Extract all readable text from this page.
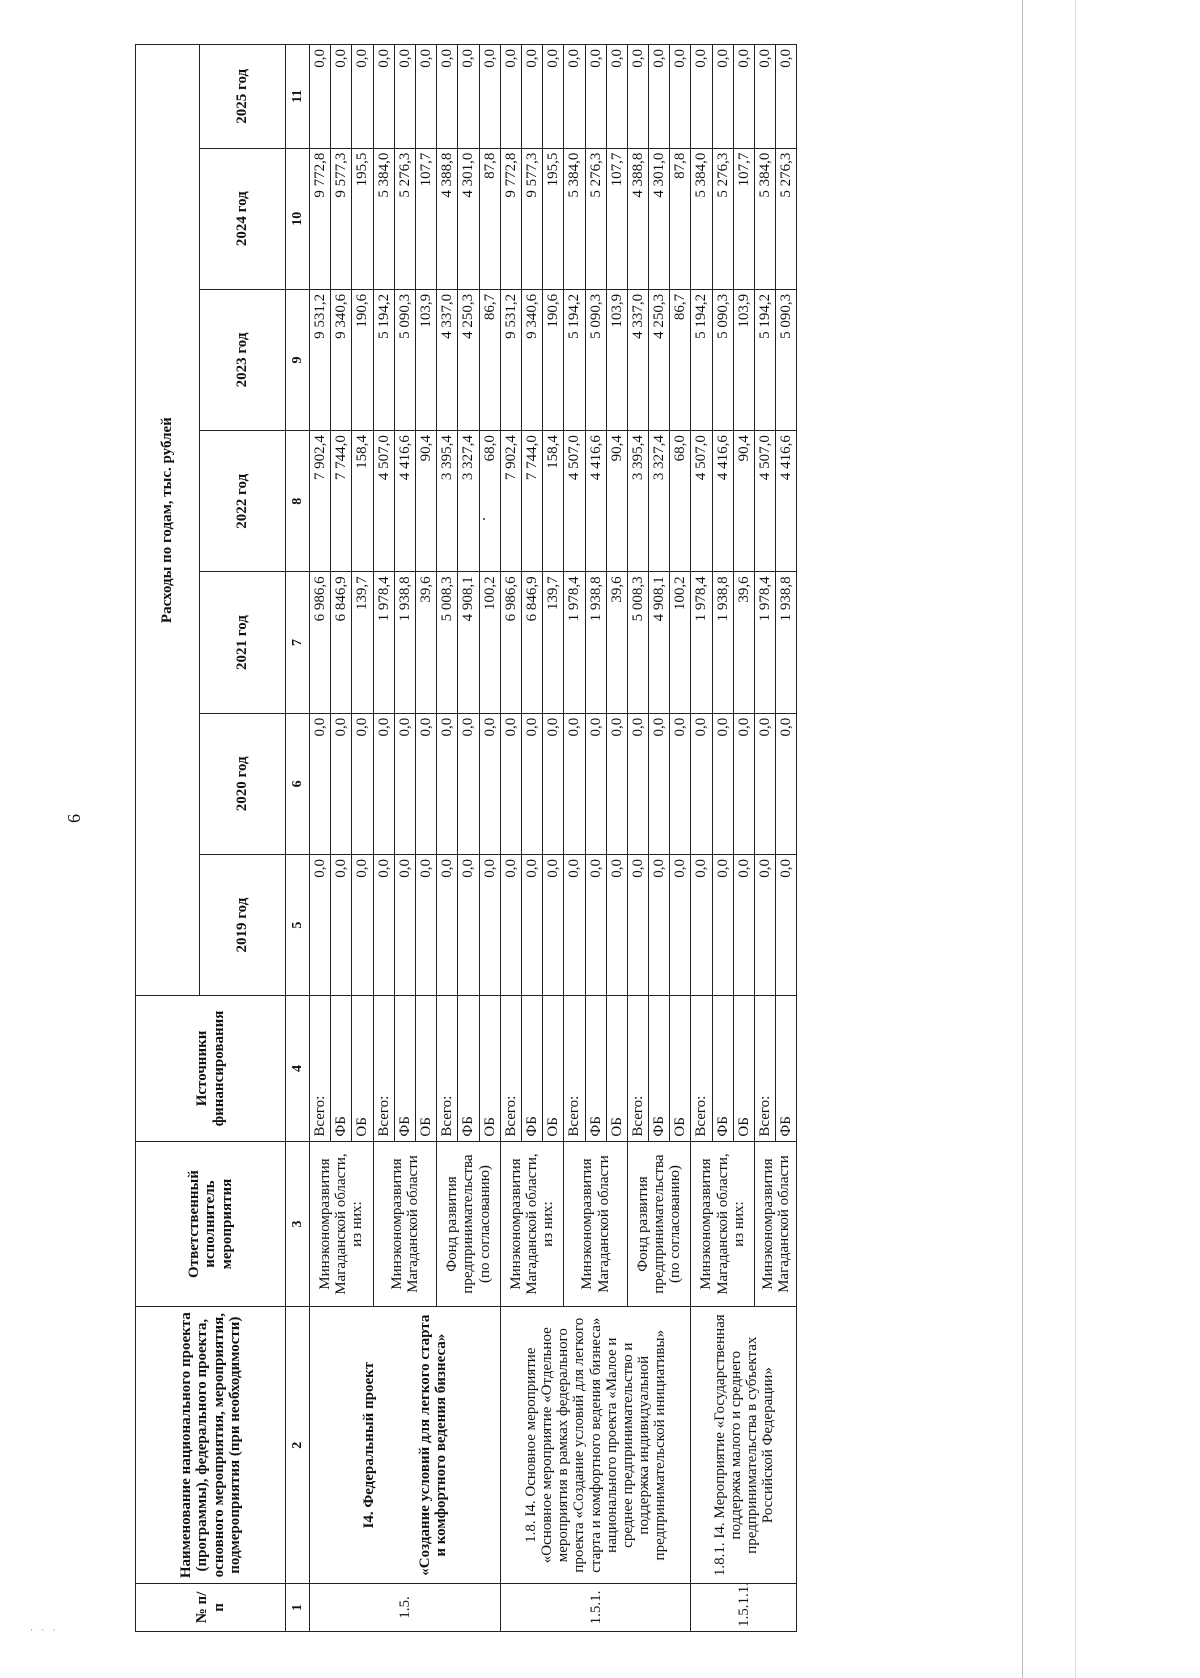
· · ·
6
№ п/п	Наименование национального проекта (программы), федерального проекта, основного мероприятия, мероприятия, подмероприятия (при необходимости)	Ответственный исполнитель мероприятия	Источники финансирования	Расходы по годам, тыс. рублей						
				2019 год	2020 год	2021 год	2022 год	2023 год	2024 год	2025 год
1	2	3	4	5	6	7	8	9	10	11
1.5.	I4. Федеральный проект «Создание условий для легкого старта и комфортного ведения бизнеса»	Минэкономразвития Магаданской области, из них:	Всего:	0,0	0,0	6 986,6	7 902,4	9 531,2	9 772,8	0,0
			ФБ	0,0	0,0	6 846,9	7 744,0	9 340,6	9 577,3	0,0
			ОБ	0,0	0,0	139,7	158,4	190,6	195,5	0,0
		Минэкономразвития Магаданской области	Всего:	0,0	0,0	1 978,4	4 507,0	5 194,2	5 384,0	0,0
			ФБ	0,0	0,0	1 938,8	4 416,6	5 090,3	5 276,3	0,0
			ОБ	0,0	0,0	39,6	90,4	103,9	107,7	0,0
		Фонд развития предпринимательства (по согласованию)	Всего:	0,0	0,0	5 008,3	3 395,4	4 337,0	4 388,8	0,0
			ФБ	0,0	0,0	4 908,1	3 327,4	4 250,3	4 301,0	0,0
			ОБ	0,0	0,0	100,2	68,0	86,7	87,8	0,0
1.5.1.	1.8. I4. Основное мероприятие «Основное мероприятие «Отдельное мероприятия в рамках федерального проекта «Создание условий для легкого старта и комфортного ведения бизнеса» национального проекта «Малое и среднее предпринимательство и поддержка индивидуальной предпринимательской инициативы»	Минэкономразвития Магаданской области, из них:	Всего:	0,0	0,0	6 986,6	7 902,4	9 531,2	9 772,8	0,0
			ФБ	0,0	0,0	6 846,9	7 744,0	9 340,6	9 577,3	0,0
			ОБ	0,0	0,0	139,7	158,4	190,6	195,5	0,0
		Минэкономразвития Магаданской области	Всего:	0,0	0,0	1 978,4	4 507,0	5 194,2	5 384,0	0,0
			ФБ	0,0	0,0	1 938,8	4 416,6	5 090,3	5 276,3	0,0
			ОБ	0,0	0,0	39,6	90,4	103,9	107,7	0,0
		Фонд развития предпринимательства (по согласованию)	Всего:	0,0	0,0	5 008,3	3 395,4	4 337,0	4 388,8	0,0
			ФБ	0,0	0,0	4 908,1	3 327,4	4 250,3	4 301,0	0,0
			ОБ	0,0	0,0	100,2	68,0	86,7	87,8	0,0
1.5.1.1.	1.8.1. I4. Мероприятие «Государственная поддержка малого и среднего предпринимательства в субъектах Российской Федерации»	Минэкономразвития Магаданской области, из них:	Всего:	0,0	0,0	1 978,4	4 507,0	5 194,2	5 384,0	0,0
			ФБ	0,0	0,0	1 938,8	4 416,6	5 090,3	5 276,3	0,0
			ОБ	0,0	0,0	39,6	90,4	103,9	107,7	0,0
		Минэкономразвития Магаданской области	Всего:	0,0	0,0	1 978,4	4 507,0	5 194,2	5 384,0	0,0
			ФБ	0,0	0,0	1 938,8	4 416,6	5 090,3	5 276,3	0,0
